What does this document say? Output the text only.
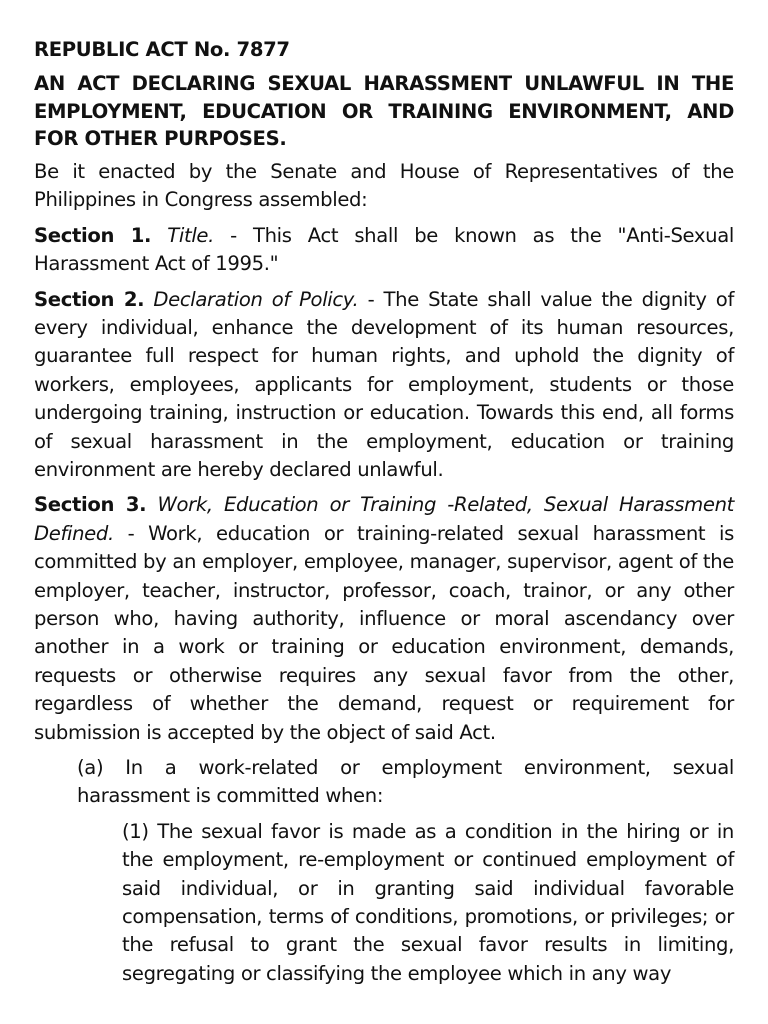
REPUBLIC ACT No. 7877

AN ACT DECLARING SEXUAL HARASSMENT UNLAWFUL IN THE EMPLOYMENT, EDUCATION OR TRAINING ENVIRONMENT, AND FOR OTHER PURPOSES.

Be it enacted by the Senate and House of Representatives of the Philippines in Congress assembled:

Section 1. Title. - This Act shall be known as the "Anti-Sexual Harassment Act of 1995."

Section 2. Declaration of Policy. - The State shall value the dignity of every individual, enhance the development of its human resources, guarantee full respect for human rights, and uphold the dignity of workers, employees, applicants for employment, students or those undergoing training, instruction or education. Towards this end, all forms of sexual harassment in the employment, education or training environment are hereby declared unlawful.

Section 3. Work, Education or Training -Related, Sexual Harassment Defined. - Work, education or training-related sexual harassment is committed by an employer, employee, manager, supervisor, agent of the employer, teacher, instructor, professor, coach, trainor, or any other person who, having authority, influence or moral ascendancy over another in a work or training or education environment, demands, requests or otherwise requires any sexual favor from the other, regardless of whether the demand, request or requirement for submission is accepted by the object of said Act.

(a) In a work-related or employment environment, sexual harassment is committed when:

(1) The sexual favor is made as a condition in the hiring or in the employment, re-employment or continued employment of said individual, or in granting said individual favorable compensation, terms of conditions, promotions, or privileges; or the refusal to grant the sexual favor results in limiting, segregating or classifying the employee which in any way
